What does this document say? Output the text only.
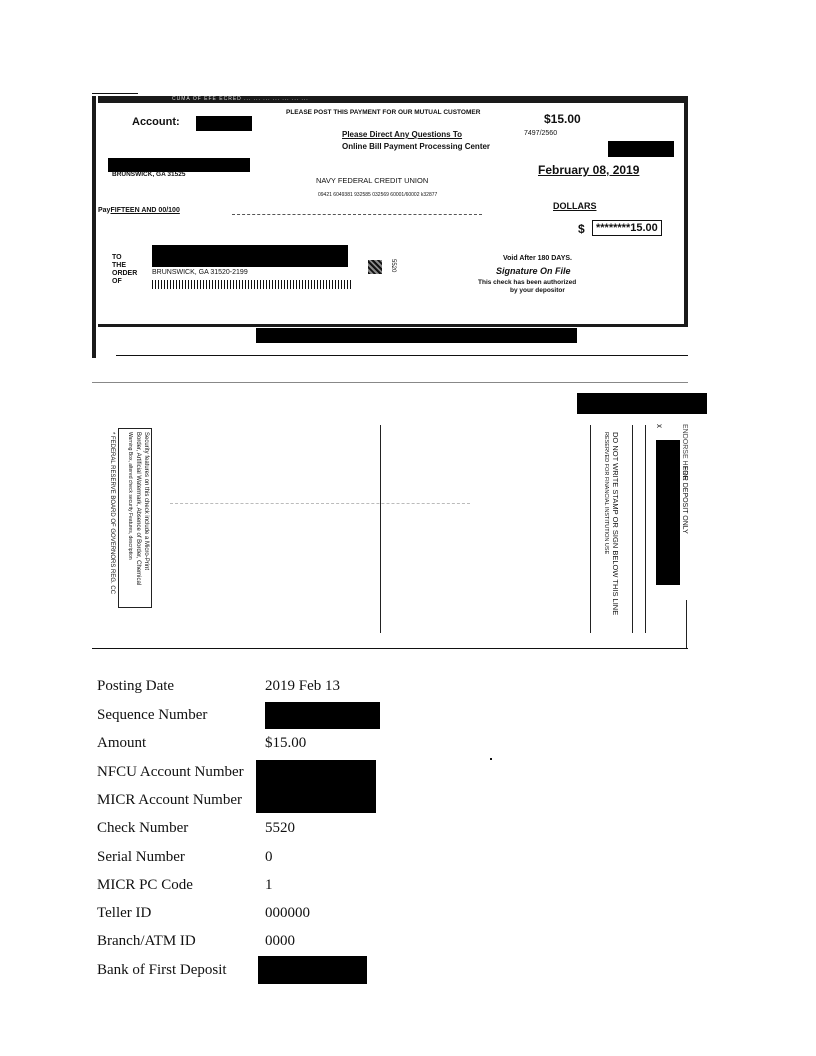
CUMA OF EFE ECRED ... ... ... ... ... ... ...
Account:
PLEASE POST THIS PAYMENT FOR OUR MUTUAL CUSTOMER	$15.00
Please Direct Any Questions To	7497/2560
Online Bill Payment Processing Center
BRUNSWICK, GA 31525	February 08, 2019
NAVY FEDERAL CREDIT UNION
09421 6049381 932585 032569 60001/60002 k32877
DOLLARS
PayFIFTEEN AND 00/100
$	********15.00
TO
THE
ORDER
OF
BRUNSWICK, GA 31520-2199
5520
Void After 180 DAYS.
Signature On File
This check has been authorized
by your depositor
Security features on this check include a Micro-Print
Border, Artificial Watermark, Absence of Border, Chemical
Warning Box, altered check security Features, description
* FEDERAL RESERVE BOARD OF GOVERNORS REG. CC	DO NOT WRITE STAMP OR SIGN BELOW THIS LINE
RESERVED FOR FINANCIAL INSTITUTION USE
x ENDORSE HERE
FOR DEPOSIT ONLY
Posting Date	2019 Feb 13
Sequence Number
Amount	$15.00
NFCU Account Number
MICR Account Number
Check Number	5520
Serial Number	0
MICR PC Code	1
Teller ID	000000
Branch/ATM ID	0000
Bank of First Deposit
